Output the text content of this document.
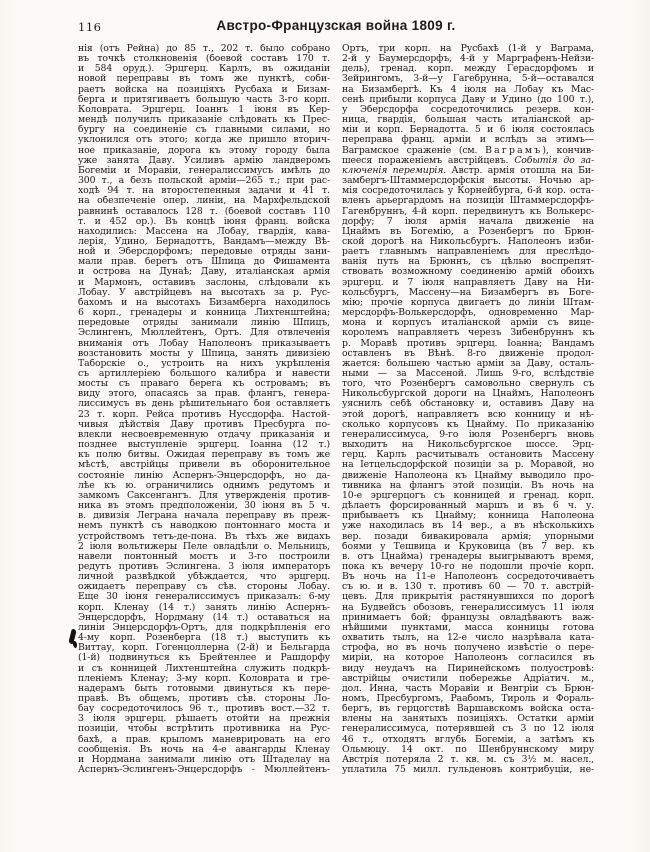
116	Австро-Французская война 1809 г.
нія (отъ Рейна) до 85 т., 202 т. было собрано
въ точкѣ столкновенія (боевой составъ 170 т.
и 584 оруд.). Эрцгерц. Карлъ, въ ожиданіи
новой переправы въ томъ же пунктѣ, соби-
раетъ войска на позиціяхъ Русбаха и Бизам-
берга и притягиваетъ большую часть 3-го корп.
Коловрата. Эрцгерц. Іоаннъ 1 іюня въ Кер-
мендѣ получилъ приказаніе слѣдовать къ Прес-
бургу на соединеніе съ главными силами, но
уклонился отъ этого; когда же пришло вторич-
ное приказаніе, дорога къ этому городу была
уже занята Даву. Усиливъ армію ландверомъ
Богеміи и Моравіи, генералиссимусъ имѣлъ до
300 т., а безъ польской арміи—265 т.; при рас-
ходѣ 94 т. на второстепенныя задачи и 41 т.
на обезпеченіе опер. линіи, на Мархфельдской
равнинѣ оставалось 128 т. (боевой составъ 110
т. и 452 ор.). Въ концѣ іюня франц. войска
находились: Массена на Лобау, гвардія, кава-
лерія, Удино, Бернадоттъ, Вандамъ—между Вѣ-
ной и Эберсдорфомъ; передовые отряды зани-
мали прав. берегъ отъ Шпица до Фишамента
и острова на Дунаѣ; Даву, италіанская армія
и Мармонъ, оставивъ заслоны, слѣдовали къ
Лобау. У австрійцевъ на высотахъ за р. Рус-
бахомъ и на высотахъ Бизамберга находилось
6 корп., гренадеры и конница Лихтенштейна;
передовые отряды занимали линію Шпицъ,
Эслингенъ, Мюллейтенъ, Ортъ. Для отвлеченія
вниманія отъ Лобау Наполеонъ приказываетъ
возстановить мосты у Шпица, занять дивизіею
Таборскіе о., устроить на нихъ укрѣпленія
съ артиллеріею большого калибра и навести
мосты съ праваго берега къ островамъ; въ
виду этого, опасаясь за прав. флангъ, генера-
лиссимусъ въ день рѣшительнаго боя оставляетъ
23 т. корп. Рейса противъ Нуссдорфа. Настой-
чивыя дѣйствія Даву противъ Пресбурга по-
влекли несвоевременную отдачу приказанія и
позднее выступленіе эрцгерц. Іоанна (12 т.)
къ полю битвы. Ожидая переправу въ томъ же
мѣстѣ, австрійцы привели въ оборонительное
состояніе линію Аспернъ-Энцерсдорфъ, но да-
лѣе къ ю. ограничились однимъ редутомъ и
замкомъ Саксенгангъ. Для утвержденія против-
ника въ этомъ предположеніи, 30 іюня въ 5 ч.
в. дивизія Леграна начала переправу въ преж-
немъ пунктѣ съ наводкою понтоннаго моста и
устройствомъ тетъ-де-пона. Въ тѣхъ же видахъ
2 іюля вольтижеры Пеле овладѣли о. Мельницъ,
навели понтонный мостъ и 3-го построили
редутъ противъ Эслингена. 3 іюля императоръ
личной развѣдкой убѣждается, что эрцгерц.
ожидаетъ переправу съ сѣв. стороны Лобау.
Еще 30 іюня генералиссимусъ приказалъ: 6-му
корп. Кленау (14 т.) занять линію Аспернъ-
Энцерсдорфъ, Нордману (14 т.) оставаться на
линіи Энцерсдорфъ-Ортъ, для подкрѣпленія его
4-му корп. Розенберга (18 т.) выступить къ
Виттау, корп. Гогенцоллерна (2-й) и Бельгарда
(1-й) подвинуться къ Брейтенлее и Рашдорфу
и съ конницей Лихтенштейна служить подкрѣ-
пленіемъ Кленау; 3-му корп. Коловрата и гре-
надерамъ быть готовыми двинуться къ пере-
правѣ. Въ общемъ, противъ сѣв. стороны Ло-
бау сосредоточилось 96 т., противъ вост.—32 т.
3 іюля эрцгерц. рѣшаетъ отойти на прежнія
позиціи, чтобы встрѣтить противника на Рус-
бахѣ, а прав. крыломъ маневрировать на его
сообщенія. Въ ночь на 4-е авангарды Кленау
и Нордмана занимали линію отъ Штаделау на
Аспернъ-Эслингенъ-Энцерсдорфъ - Мюллейтенъ-
Ортъ, три корп. на Русбахѣ (1-й у Ваграма,
2-й у Баумерсдорфъ, 4-й у Марграфенъ-Нейзи-
дель), гренад. корп. между Герасдорфомъ и
Зейрингомъ, 3-й—у Гагебрунна, 5-й—оставался
на Бизамбергѣ. Къ 4 іюля на Лобау къ Мас-
сенѣ прибыли корпуса Даву и Удино (до 100 т.),
у Эберсдорфа сосредоточились резерв. кон-
ница, гвардія, большая часть италіанской ар-
міи и корп. Бернадотта. 5 и 6 іюля состоялась
переправа франц. арміи и вслѣдъ за этимъ—
Ваграмское сраженіе (см. Ваграмъ), кончив-
шееся пораженіемъ австрійцевъ. Событія до за-
ключенія перемирія. Австр. армія отошла на Би-
замбергъ-Штаммерсдорфскія высоты. Ночью ар-
мія сосредоточилась у Корнейбурга, 6-й кор. оста-
вленъ арьергардомъ на позиціи Штаммерсдорфъ-
Гагенбруннъ, 4-й корп. передвинутъ къ Волькерс-
дорфу; 7 іюля армія начала движеніе на
Цнаймъ въ Богемію, а Розенбергъ по Брюн-
ской дорогѣ на Никольсбургъ. Наполеонъ изби-
раетъ главнымъ направленіемъ для преслѣдо-
ванія путь на Брюннъ, съ цѣлью воспрепят-
ствовать возможному соединенію армій обоихъ
эрцгерц. и 7 іюля направляетъ Даву на Ни-
кольсбургъ, Массену—на Бизамбергъ въ Боге-
мію; прочіе корпуса двигаетъ до линіи Штам-
мерсдорфъ-Волькерсдорфъ, одновременно Мар-
мона и корпусъ италіанской арміи съ вице-
королемъ направляетъ черезъ Зибенбруннъ къ
р. Моравѣ противъ эрцгерц. Іоанна; Вандамъ
оставленъ въ Вѣнѣ. 8-го движеніе продол-
жается: большею частью арміи за Даву, осталь-
ными — за Массеной. Лишь 9-го, вслѣдствіе
того, что Розенбергъ самовольно свернулъ съ
Никольсбургской дороги на Цнаймъ, Наполеонъ
уяснилъ себѣ обстановку и, оставивъ Даву на
этой дорогѣ, направляетъ всю конницу и нѣ-
сколько корпусовъ къ Цнайму. По приказанію
генералиссимуса, 9-го іюля Розенбергъ вновь
выходитъ на Никольсбургское шоссе. Эрц-
герц. Карлъ расчитывалъ остановить Массену
на Іетцельсдорфской позиціи за р. Моравой, но
движеніе Наполеона къ Цнайму выводило про-
тивника на флангъ этой позиціи. Въ ночь на
10-е эрцгерцогъ съ конницей и гренад. корп.
дѣлаетъ форсированный маршъ и въ 6 ч. у.
прибываетъ къ Цнайму; конница Наполеона
уже находилась въ 14 вер., а въ нѣсколькихъ
вер. позади бивакировала армія; упорными
боями у Тешвица и Круковица (въ 7 вер. къ
в. отъ Цнайма) гренадеры выигрываютъ время,
пока къ вечеру 10-го не подошли прочіе корп.
Въ ночь на 11-е Наполеонъ сосредоточиваетъ
съ ю. и в. 130 т. противъ 60 — 70 т. австрій-
цевъ. Для прикрытія растянувшихся по дорогѣ
на Будвейсъ обозовъ, генералиссимусъ 11 іюля
принимаетъ бой; французы овладѣваютъ важ-
нѣйшими пунктами, масса конницы готова
охватить тылъ, на 12-е число назрѣвала ката-
строфа, но въ ночь получено извѣстіе о пере-
миріи, на которое Наполеонъ согласился въ
виду неудачъ на Пиринейскомъ полуостровѣ:
австрійцы очистили побережье Адріатич. м.,
дол. Инна, часть Моравіи и Венгріи съ Брюн-
номъ, Пресбургомъ, Раабомъ, Тироль и Фораль-
бергъ, въ герцогствѣ Варшавскомъ войска оста-
влены на занятыхъ позиціяхъ. Остатки арміи
генералиссимуса, потерявшей съ 3 по 12 іюля
46 т., отходятъ вглубь Богеміи, а затѣмъ къ
Ольмюцу. 14 окт. по Шенбруннскому миру
Австрія потеряла 2 т. кв. м. съ 3½ м. насел.,
уплатила 75 милл. гульденовъ контрибуціи, не-
